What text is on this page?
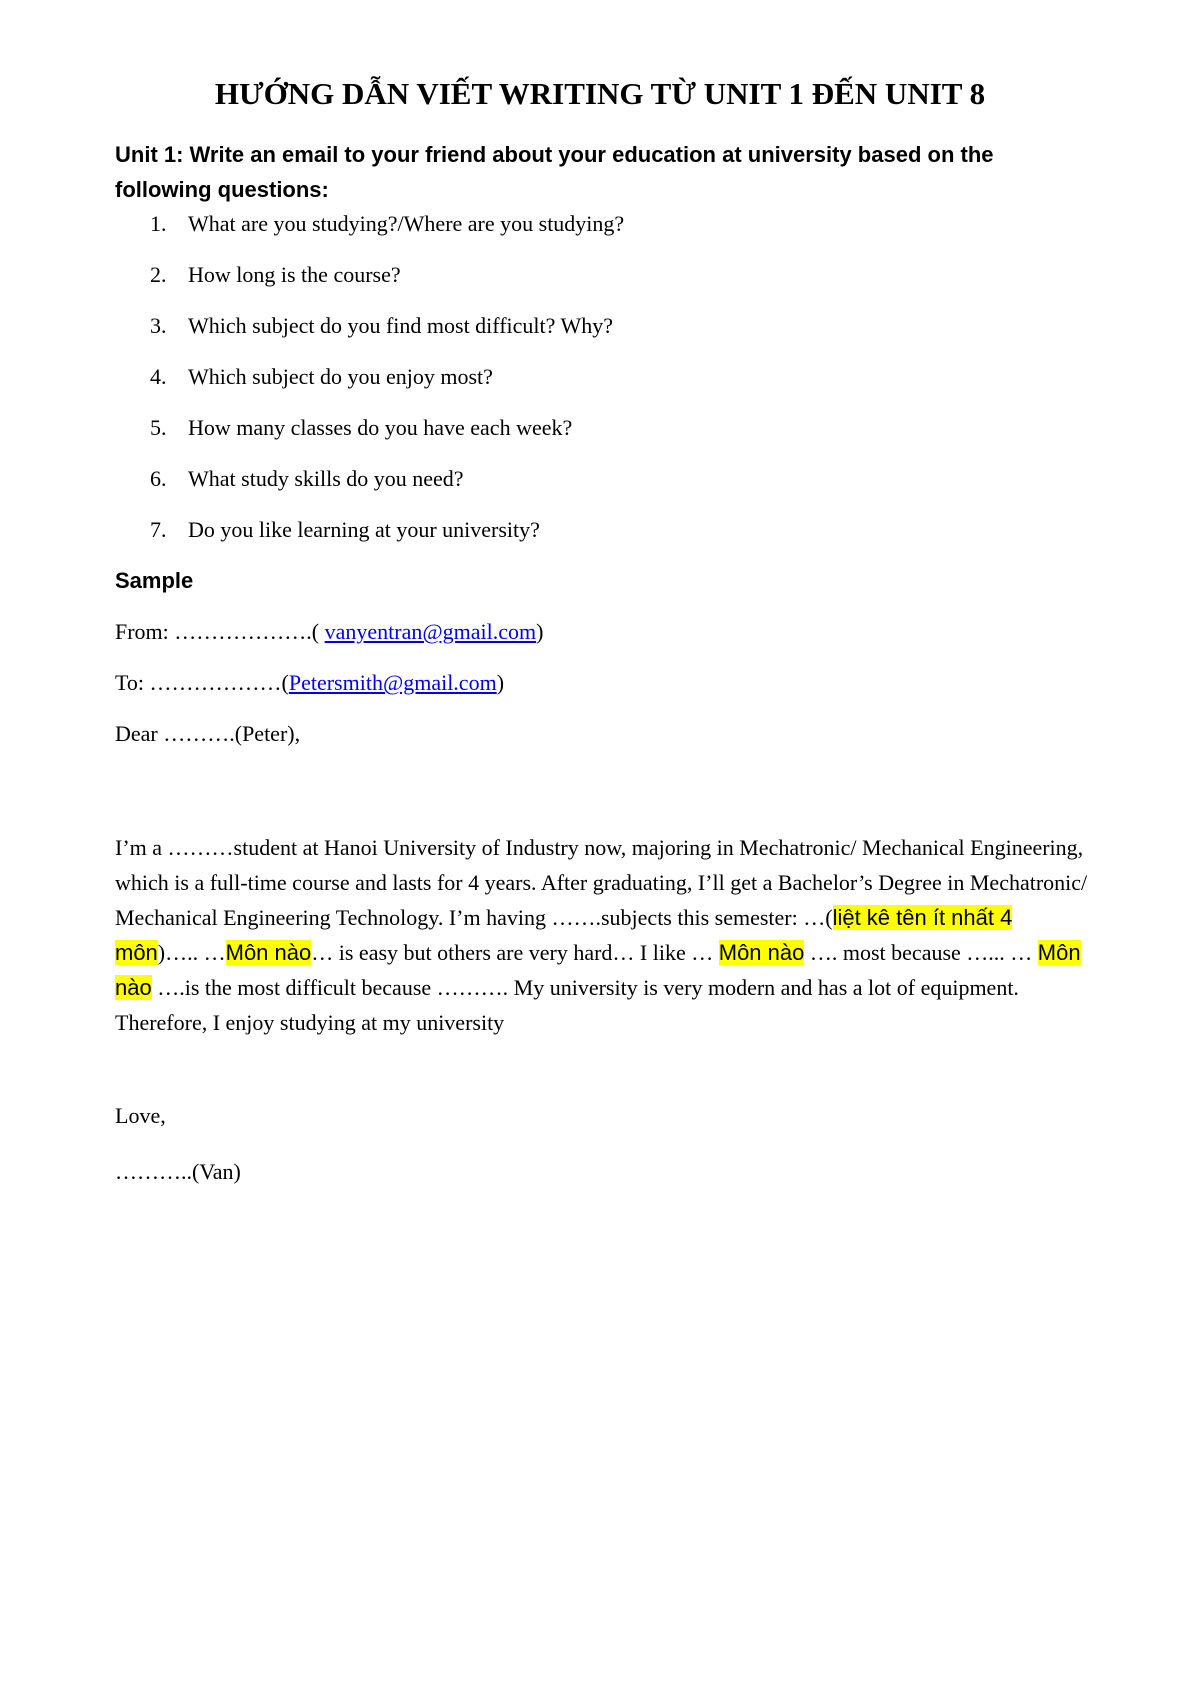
HƯỚNG DẪN VIẾT WRITING TỪ UNIT 1 ĐẾN UNIT 8
Unit 1: Write an email to your friend about your education at university based on the following questions:
1. What are you studying?/Where are you studying?
2. How long is the course?
3. Which subject do you find most difficult? Why?
4. Which subject do you enjoy most?
5. How many classes do you have each week?
6. What study skills do you need?
7. Do you like learning at your university?
Sample
From: ……………….( vanyentran@gmail.com)
To: ………………(Petersmith@gmail.com)
Dear ……….(Peter),
I’m a ………student at Hanoi University of Industry now, majoring in Mechatronic/ Mechanical Engineering, which is a full-time course and lasts for 4 years. After graduating, I’ll get a Bachelor’s Degree in Mechatronic/ Mechanical Engineering Technology. I’m having …….subjects this semester: …(liệt kê tên ít nhất 4 môn)….. …Môn nào… is easy but others are very hard… I like … Môn nào …. most because …... … Môn nào ….is the most difficult because ………. My university is very modern and has a lot of equipment. Therefore, I enjoy studying at my university
Love,
………..(Van)
